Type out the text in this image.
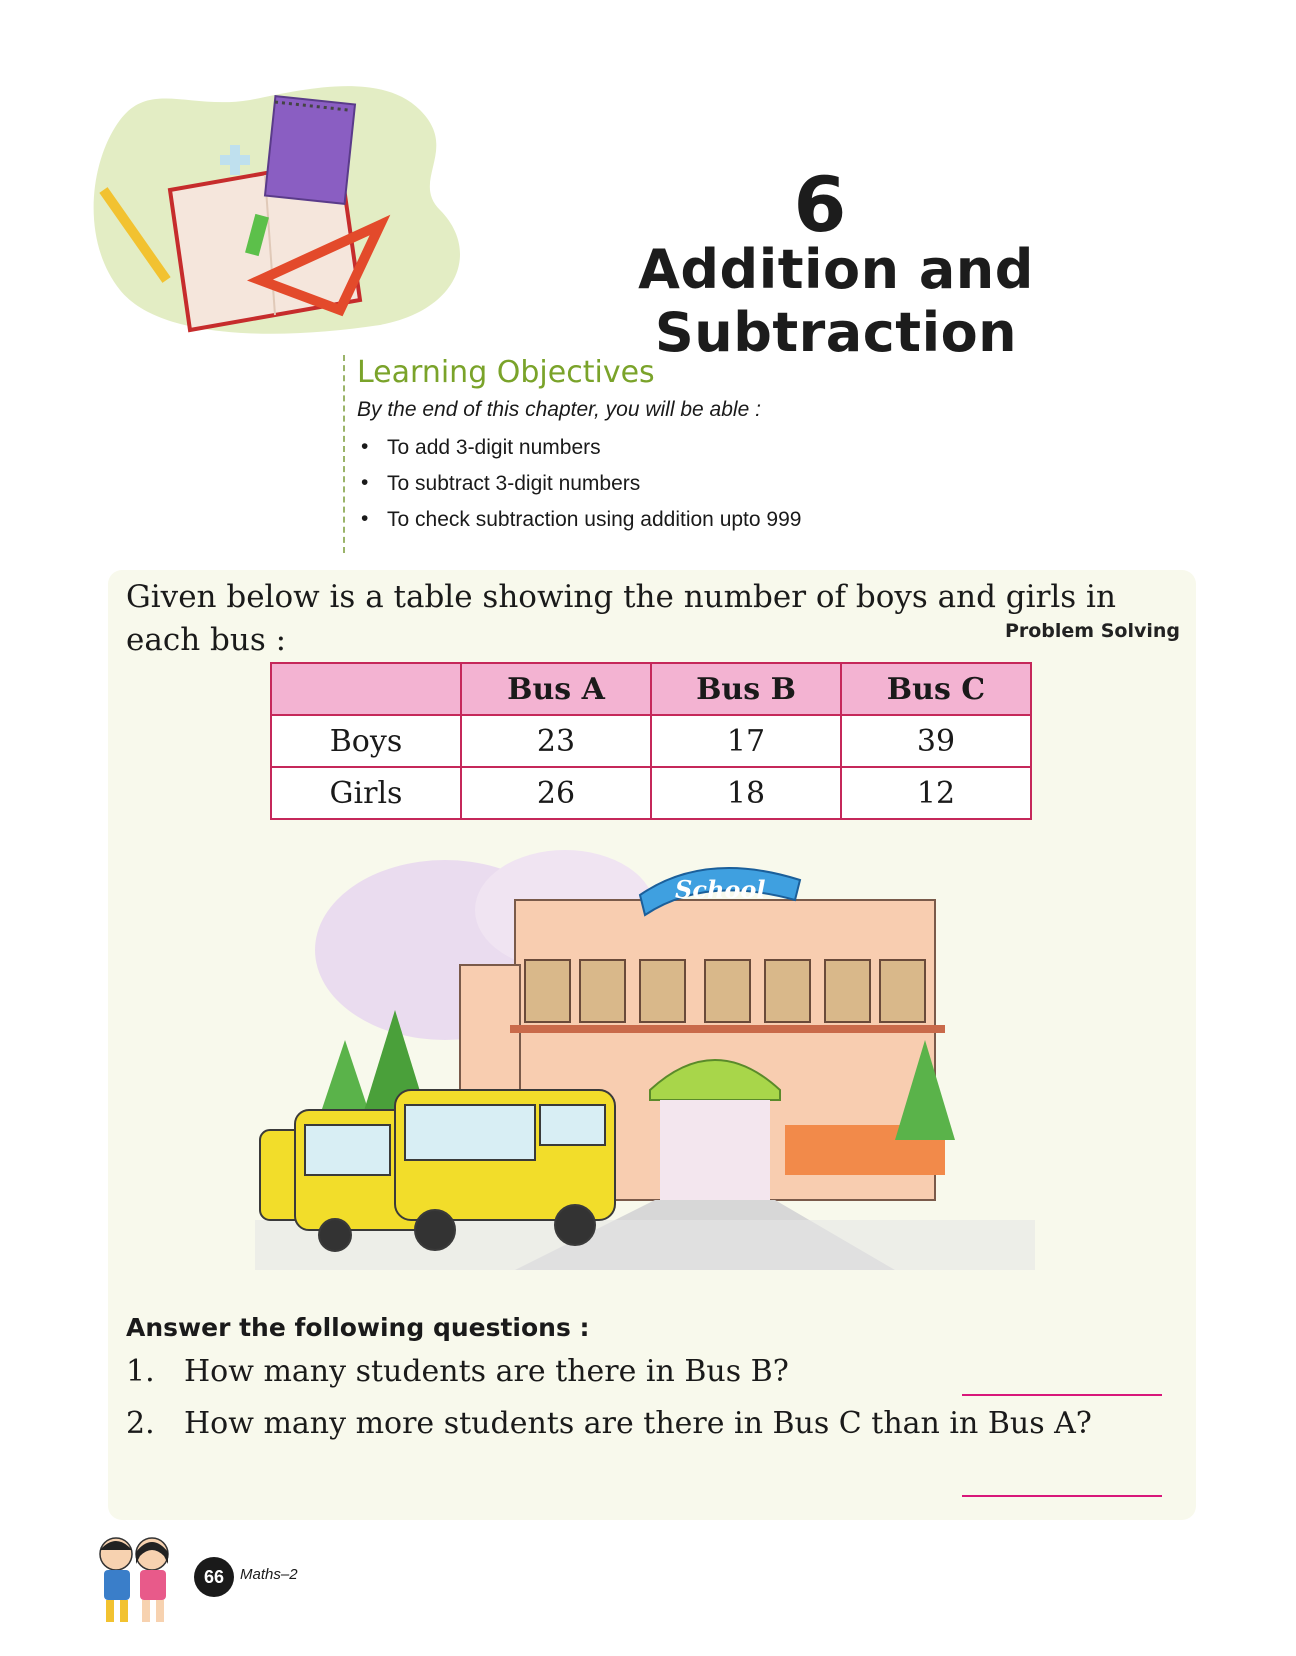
6
Addition and Subtraction
Learning Objectives
By the end of this chapter, you will be able :
• To add 3-digit numbers
• To subtract 3-digit numbers
• To check subtraction using addition upto 999
Given below is a table showing the number of boys and girls in each bus :	Problem Solving
	Bus A	Bus B	Bus C
Boys	23	17	39
Girls	26	18	12
School
Answer the following questions :
1. How many students are there in Bus B?
2. How many more students are there in Bus C than in Bus A?
66	Maths–2
